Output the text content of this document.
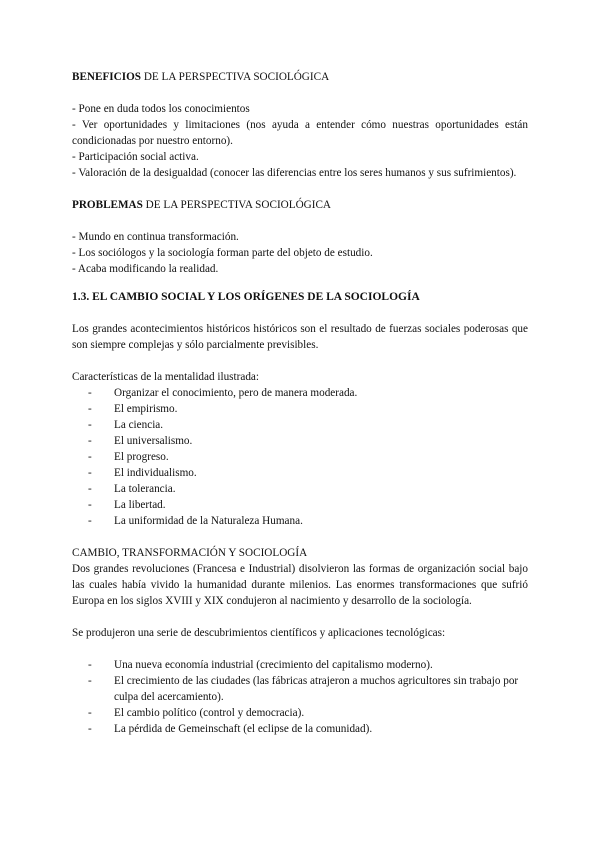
BENEFICIOS DE LA PERSPECTIVA SOCIOLÓGICA

- Pone en duda todos los conocimientos

- Ver oportunidades y limitaciones (nos ayuda a entender cómo nuestras oportunidades están condicionadas por nuestro entorno).

- Participación social activa.

- Valoración de la desigualdad (conocer las diferencias entre los seres humanos y sus sufrimientos).

PROBLEMAS DE LA PERSPECTIVA SOCIOLÓGICA

- Mundo en continua transformación.

- Los sociólogos y la sociología forman parte del objeto de estudio.

- Acaba modificando la realidad.

1.3. EL CAMBIO SOCIAL Y LOS ORÍGENES DE LA SOCIOLOGÍA

Los grandes acontecimientos históricos históricos son el resultado de fuerzas sociales poderosas que son siempre complejas y sólo parcialmente previsibles.

Características de la mentalidad ilustrada:

- Organizar el conocimiento, pero de manera moderada.
- El empirismo.
- La ciencia.
- El universalismo.
- El progreso.
- El individualismo.
- La tolerancia.
- La libertad.
- La uniformidad de la Naturaleza Humana.

CAMBIO, TRANSFORMACIÓN Y SOCIOLOGÍA

Dos grandes revoluciones (Francesa e Industrial) disolvieron las formas de organización social bajo las cuales había vivido la humanidad durante milenios. Las enormes transformaciones que sufrió Europa en los siglos XVIII y XIX condujeron al nacimiento y desarrollo de la sociología.

Se produjeron una serie de descubrimientos científicos y aplicaciones tecnológicas:

- Una nueva economía industrial (crecimiento del capitalismo moderno).
- El crecimiento de las ciudades (las fábricas atrajeron a muchos agricultores sin trabajo por culpa del acercamiento).
- El cambio político (control y democracia).
- La pérdida de Gemeinschaft (el eclipse de la comunidad).
